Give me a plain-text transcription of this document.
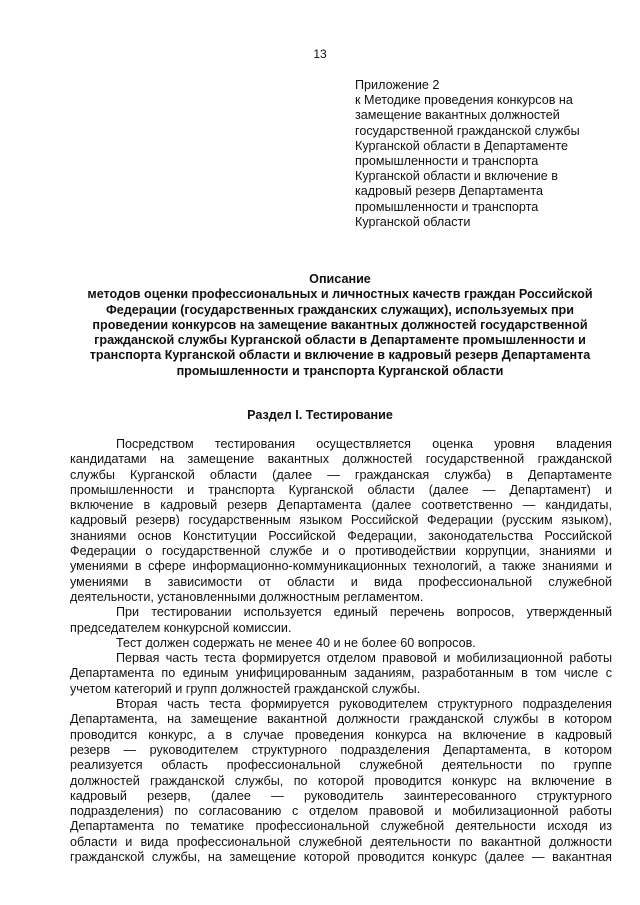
13
Приложение 2
к Методике проведения конкурсов на
замещение вакантных должностей
государственной гражданской службы
Курганской области в Департаменте
промышленности и транспорта
Курганской области и включение в
кадровый резерв Департамента
промышленности и транспорта
Курганской области
Описание
методов оценки профессиональных и личностных качеств граждан Российской
Федерации (государственных гражданских служащих), используемых при
проведении конкурсов на замещение вакантных должностей государственной
гражданской службы Курганской области в Департаменте промышленности и
транспорта Курганской области и включение в кадровый резерв Департамента
промышленности и транспорта Курганской области
Раздел I. Тестирование
Посредством тестирования осуществляется оценка уровня владения
кандидатами на замещение вакантных должностей государственной гражданской
службы Курганской области (далее — гражданская служба) в Департаменте
промышленности и транспорта Курганской области (далее — Департамент) и
включение в кадровый резерв Департамента (далее соответственно — кандидаты,
кадровый резерв) государственным языком Российской Федерации (русским языком),
знаниями основ Конституции Российской Федерации, законодательства Российской
Федерации о государственной службе и о противодействии коррупции, знаниями и
умениями в сфере информационно-коммуникационных технологий, а также знаниями и
умениями в зависимости от области и вида профессиональной служебной
деятельности, установленными должностным регламентом.
При тестировании используется единый перечень вопросов, утвержденный
председателем конкурсной комиссии.
Тест должен содержать не менее 40 и не более 60 вопросов.
Первая часть теста формируется отделом правовой и мобилизационной работы
Департамента по единым унифицированным заданиям, разработанным в том числе с
учетом категорий и групп должностей гражданской службы.
Вторая часть теста формируется руководителем структурного подразделения
Департамента, на замещение вакантной должности гражданской службы в котором
проводится конкурс, а в случае проведения конкурса на включение в кадровый
резерв — руководителем структурного подразделения Департамента, в котором
реализуется область профессиональной служебной деятельности по группе
должностей гражданской службы, по которой проводится конкурс на включение в
кадровый резерв, (далее — руководитель заинтересованного структурного
подразделения) по согласованию с отделом правовой и мобилизационной работы
Департамента по тематике профессиональной служебной деятельности исходя из
области и вида профессиональной служебной деятельности по вакантной должности
гражданской службы, на замещение которой проводится конкурс (далее — вакантная
